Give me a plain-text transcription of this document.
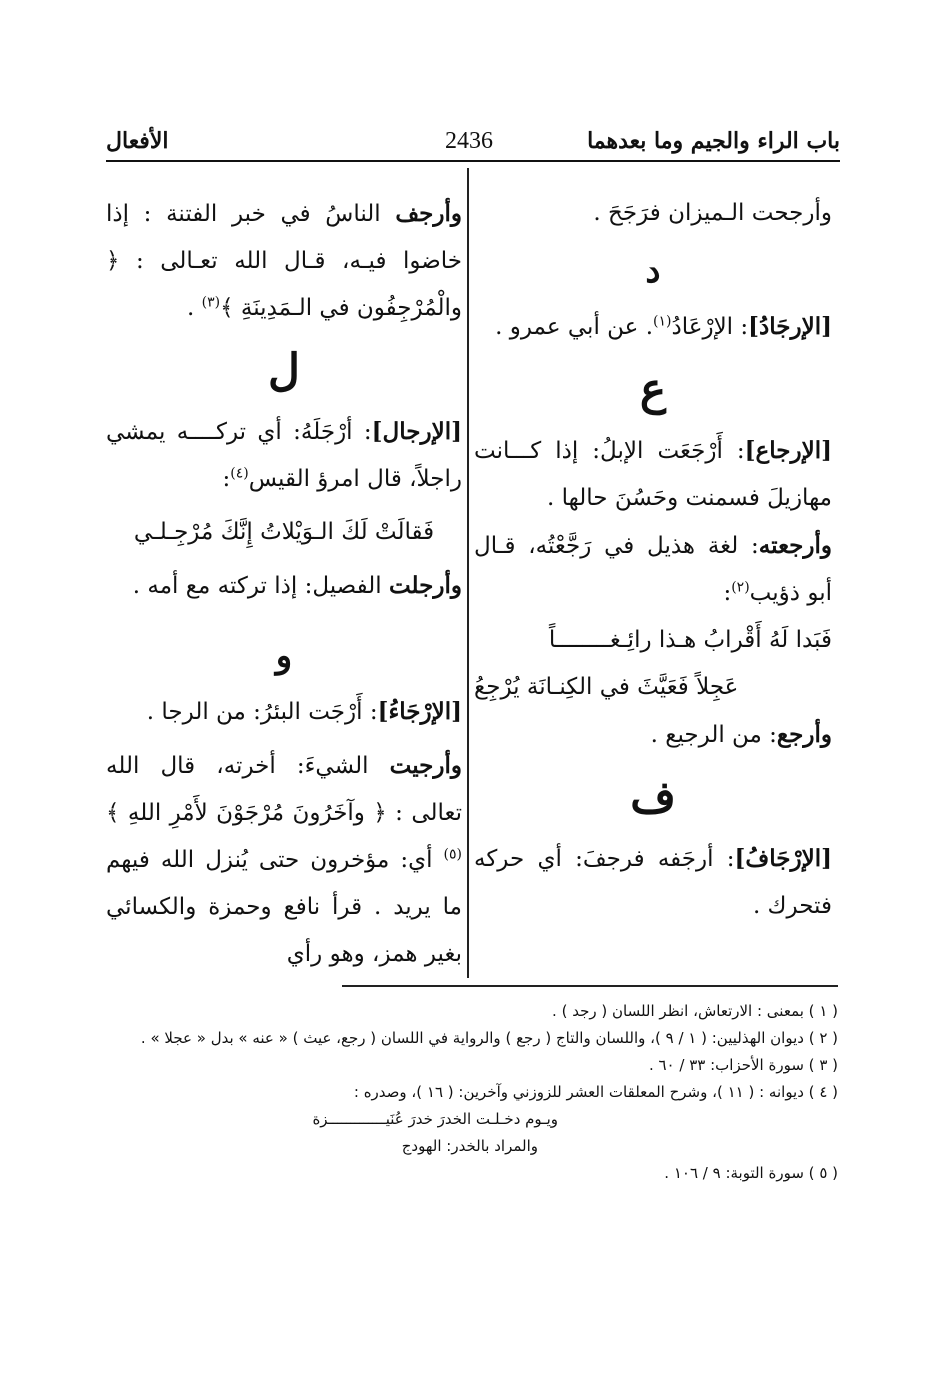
باب الراء والجيم وما بعدهما
2436
الأفعال

وأرجحت الـميزان فرَجَحَ .

د

[الإرجَادُ]: الإرْعَادُ$^{(١)}$. عن أبي عمرو .

ع

[الإرجاع]: أَرْجَعَت الإبلُ: إذا كـــانت مهازيلَ فسمنت وحَسُنَ حالها .

وأرجعته: لغة هذيل في رَجَّعْتُه، قـال أبو ذؤيب$^{(٢)}$:

فَبَدا لَهُ أَقْرابُ هـذا رائِـغــــــــاً

عَجِلاً فَعَيَّثَ في الكِنـانَة يُرْجِعُ

وأرجع: من الرجيع .

ف

[الإرْجَافُ]: أرجَفه فرجفَ: أي حركه فتحرك .

وأرجف الناسُ في خبر الفتنة : إذا خاضوا فيـه، قـال الله تعـالى : ﴿ والْمُرْجِفُون في الـمَدِينَةِ ﴾$^{(٣)}$ .

ل

[الإرجال]: أرْجَلَهُ: أي تركــــه يمشي راجلاً، قال امرؤ القيس$^{(٤)}$:

فَقالَتْ لَكَ الـوَيْلاتُ إِنَّكَ مُرْجِـلـي

وأرجلت الفصيل: إذا تركته مع أمه .

و

[الإرْجَاءُ]: أَرْجَت البئرُ: من الرجا .

وأرجيت الشيءَ: أخرته، قال الله تعالى : ﴿ وآخَرُونَ مُرْجَوْنَ لأَمْرِ اللهِ ﴾$^{(٥)}$ أي: مؤخرون حتى يُنزل الله فيهم ما يريد . قرأ نافع وحمزة والكسائي بغير همز، وهو رأي

( ١ ) بمعنى : الارتعاش، انظر اللسان ( رجد ) .

( ٢ ) ديوان الهذليين: ( ١ / ٩ )، واللسان والتاج ( رجع ) والرواية في اللسان ( رجع، عيث ) « عنه » بدل « عجلا » .

( ٣ ) سورة الأحزاب: ٣٣ / ٦٠ .

( ٤ ) ديوانه : ( ١١ )، وشرح المعلقات العشر للزوزني وآخرين: ( ١٦ )، وصدره :

ويـوم دخـلـت الخدرَ خدرَ عُنَيـــــــــــــزة

والمراد بالخدر: الهودج

( ٥ ) سورة التوبة: ٩ / ١٠٦ .
